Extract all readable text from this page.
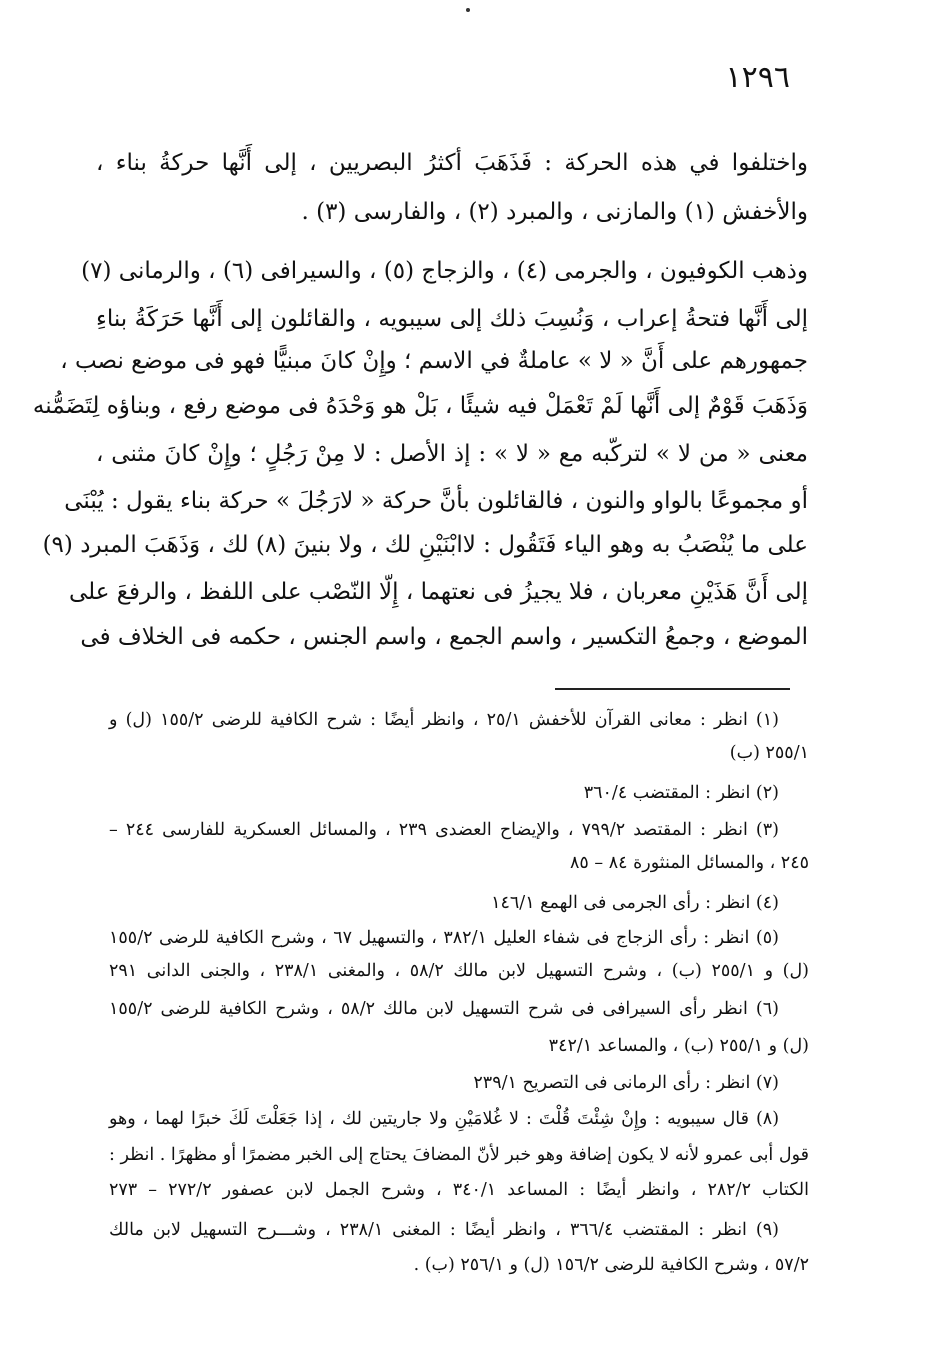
١٢٩٦
واختلفوا في هذه الحركة : فَذَهَبَ أكثرُ البصريين ، إلى أَنَّها حركةُ بناء ،
والأخفش (١) والمازنى ، والمبرد (٢) ، والفارسى (٣) .
وذهب الكوفيون ، والجرمى (٤) ، والزجاج (٥) ، والسيرافى (٦) ، والرمانى (٧)
إلى أَنَّها فتحةُ إعراب ، وَنُسِبَ ذلك إلى سيبويه ، والقائلون إلى أَنَّها حَرَكَةُ بناءِ
جمهورهم على أَنَّ « لا » عاملةٌ في الاسم ؛ وإِنْ كانَ مبنيًّا فهو فى موضع نصب ،
وَذَهَبَ قَوْمٌ إلى أَنَّها لَمْ تَعْمَلْ فيه شيئًا ، بَلْ هو وَحْدَهُ فى موضع رفع ، وبناؤه لِتَضَمُّنه
معنى « من لا » لتركّبه مع « لا » : إذ الأصل : لا مِنْ رَجُلٍ ؛ وإِنْ كانَ مثنى ،
أو مجموعًا بالواو والنون ، فالقائلون بأنَّ حركة « لارَجُلَ » حركة بناء يقول : يُبْنَى
على ما يُنْصَبُ به وهو الياء فَتَقُول : لاابْنَيْنِ لك ، ولا بنينَ (٨) لك ، وَذَهَبَ المبرد (٩)
إلى أَنَّ هَذَيْنِ معربان ، فلا يجيزُ فى نعتهما ، إِلّا النّصْب على اللفظ ، والرفعَ على
الموضع ، وجمعُ التكسير ، واسم الجمع ، واسم الجنس ، حكمه فى الخلاف فى
(١) انظر : معانى القرآن للأخفش ٢٥/١ ، وانظر أيضًا : شرح الكافية للرضى ١٥٥/٢ (ل) و
٢٥٥/١ (ب)
(٢) انظر : المقتضب ٣٦٠/٤
(٣) انظر : المقتصد ٧٩٩/٢ ، والإيضاح العضدى ٢٣٩ ، والمسائل العسكرية للفارسى ٢٤٤ –
٢٤٥ ، والمسائل المنثورة ٨٤ – ٨٥
(٤) انظر : رأى الجرمى فى الهمع ١٤٦/١
(٥) انظر : رأى الزجاج فى شفاء العليل ٣٨٢/١ ، والتسهيل ٦٧ ، وشرح الكافية للرضى ١٥٥/٢
(ل) و ٢٥٥/١ (ب) ، وشرح التسهيل لابن مالك ٥٨/٢ ، والمغنى ٢٣٨/١ ، والجنى الدانى ٢٩١
(٦) انظر رأى السيرافى فى شرح التسهيل لابن مالك ٥٨/٢ ، وشرح الكافية للرضى ١٥٥/٢
(ل) و ٢٥٥/١ (ب) ، والمساعد ٣٤٢/١
(٧) انظر : رأى الرمانى فى التصريح ٢٣٩/١
(٨) قال سيبويه : وإِنْ شِئْتَ قُلْتَ : لا غُلامَيْنِ ولا جاريتين لك ، إذا جَعَلْتَ لَكَ خبرًا لهما ، وهو
قول أبى عمرو لأنه لا يكون إضافة وهو خبر لأنّ المضافَ يحتاج إلى الخبر مضمرًا أو مظهرًا . انظر :
الكتاب ٢٨٢/٢ ، وانظر أيضًا : المساعد ٣٤٠/١ ، وشرح الجمل لابن عصفور ٢٧٢/٢ – ٢٧٣
(٩) انظر : المقتضب ٣٦٦/٤ ، وانظر أيضًا : المغنى ٢٣٨/١ ، وشـــرح التسهيل لابن مالك
٥٧/٢ ، وشرح الكافية للرضى ١٥٦/٢ (ل) و ٢٥٦/١ (ب) .
